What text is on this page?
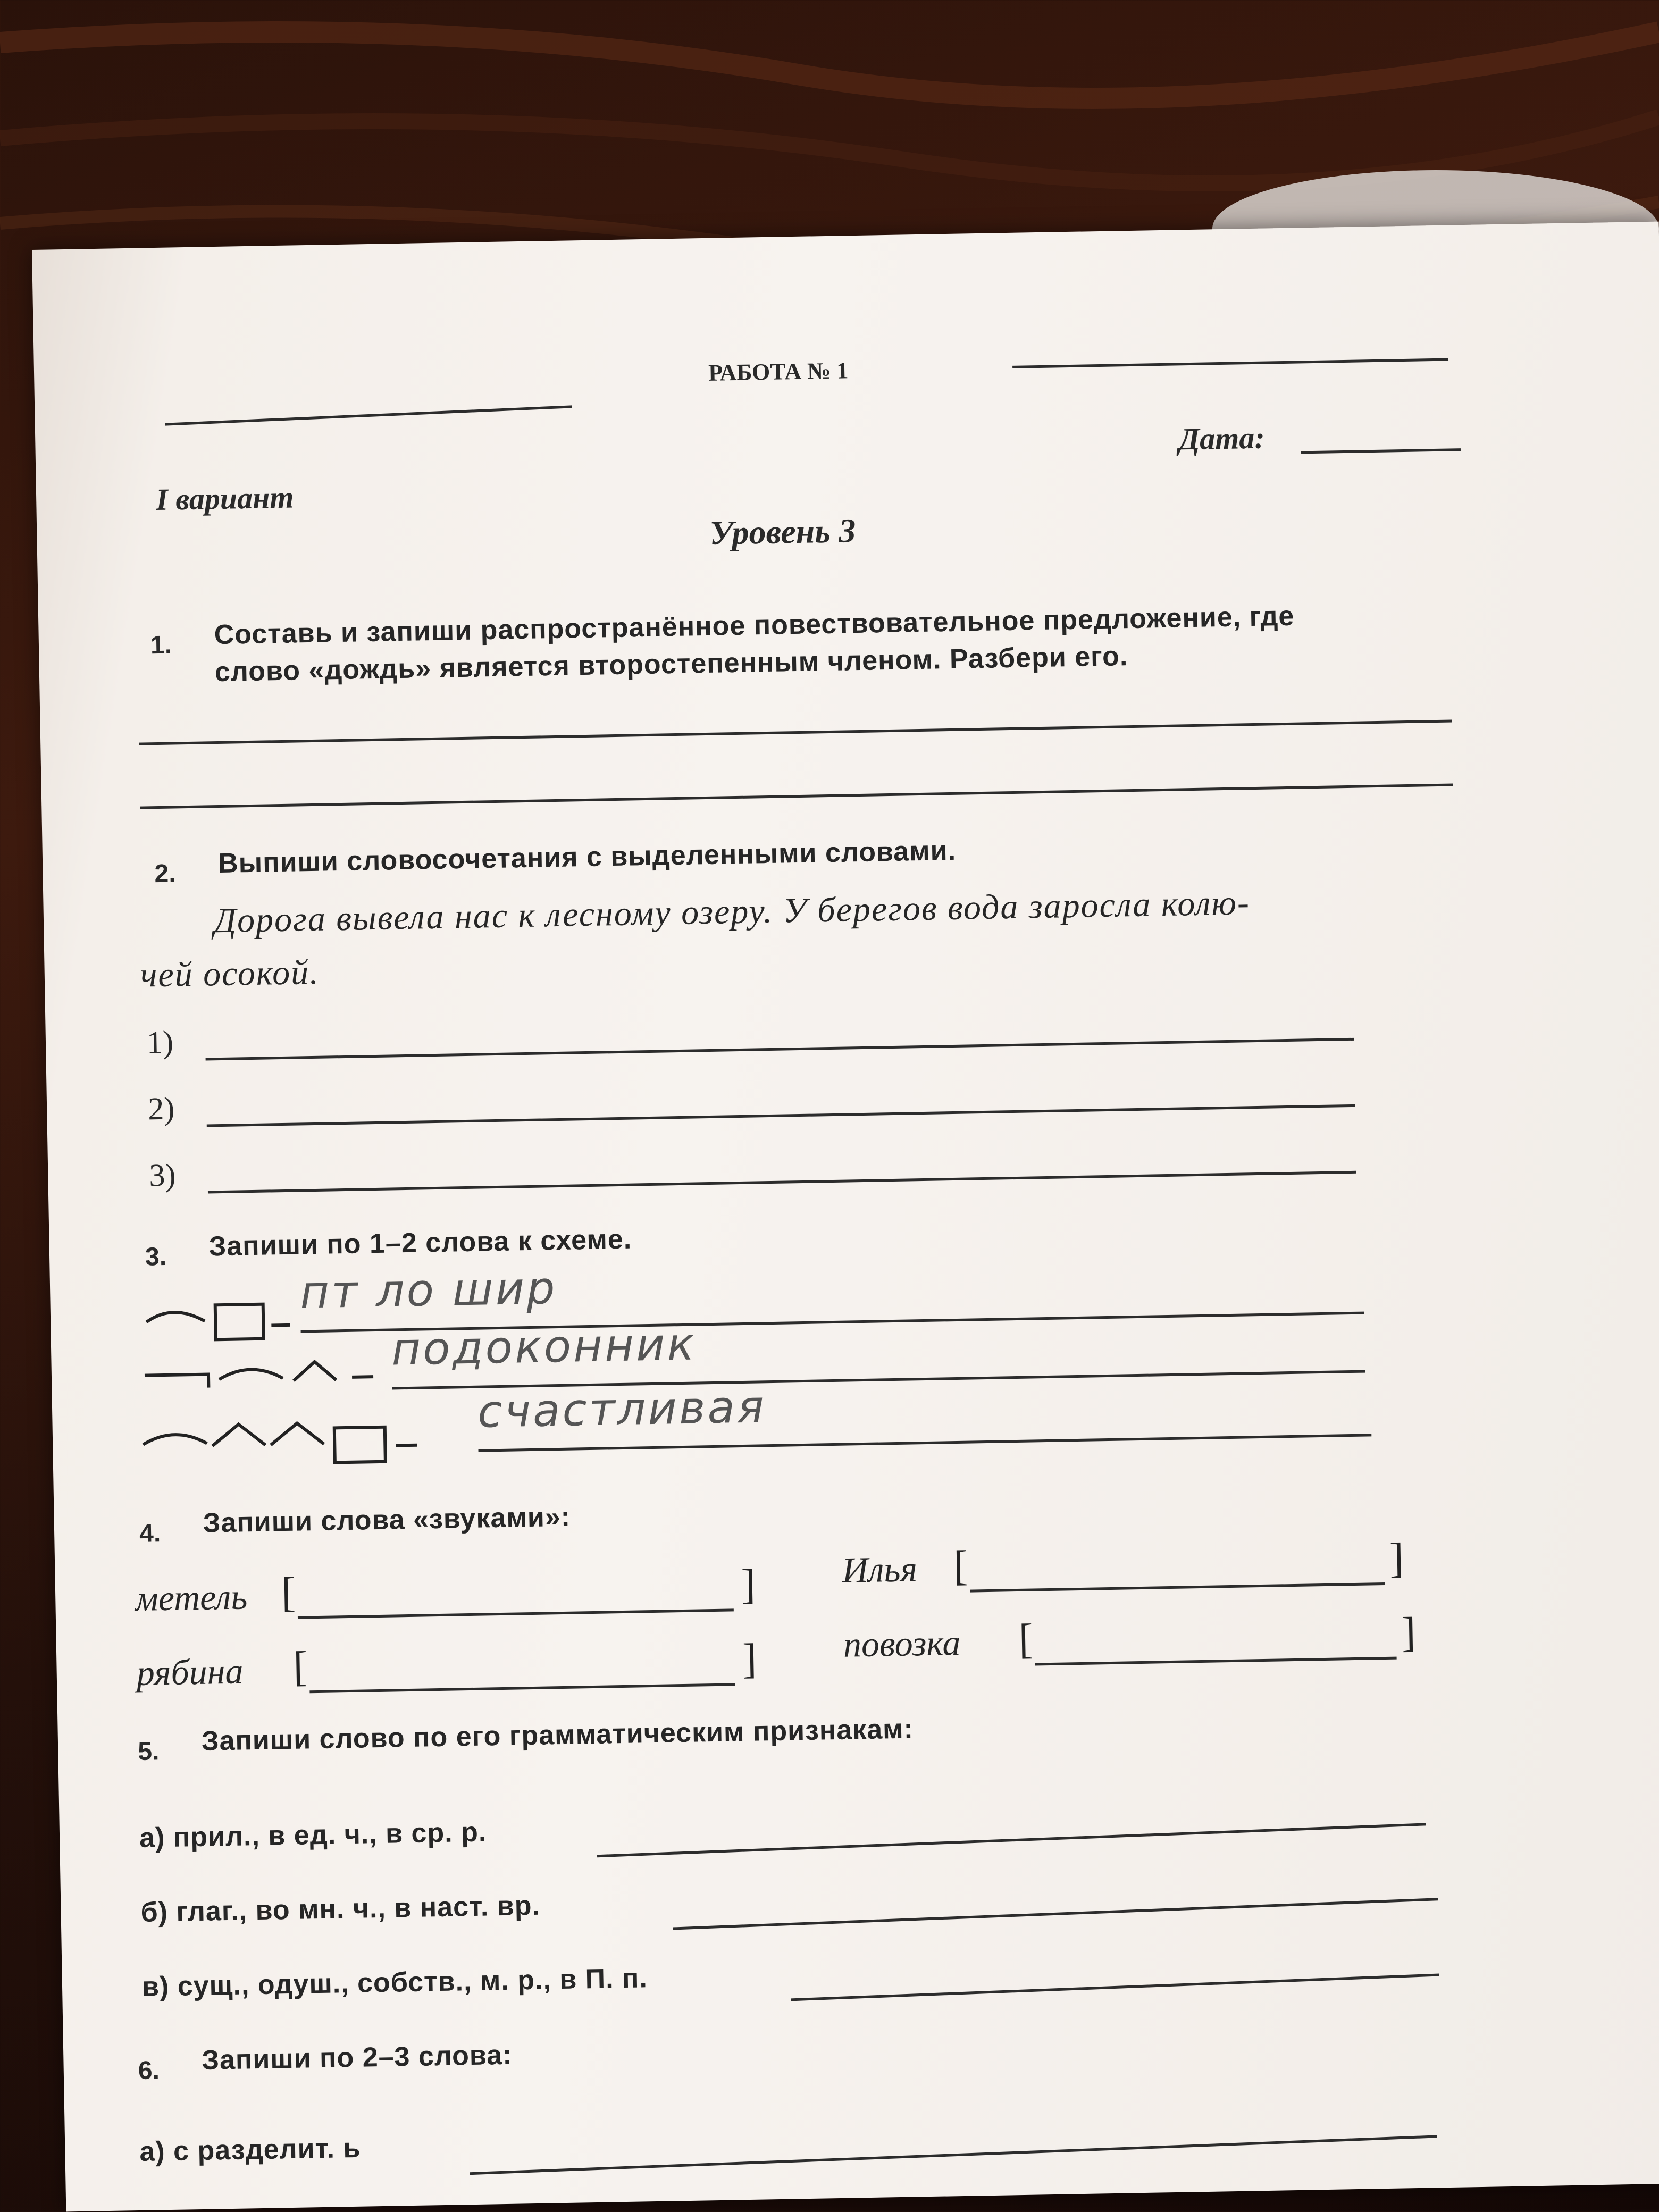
РАБОТА № 1
I вариант
Дата:
Уровень 3
1. Составь и запиши распространённое повествовательное предложение, где
слово «дождь» является второстепенным членом. Разбери его.
2. Выпиши словосочетания с выделенными словами.
Дорога вывела нас к лесному озеру. У берегов вода заросла колю-
чей осокой.
1)
2)
3)
3. Запиши по 1–2 слова к схеме.
пт ло шир
подоконник
счастливая
4. Запиши слова «звуками»:
метель [	] Илья [	]
рябина [	] повозка [	]
5. Запиши слово по его грамматическим признакам:
а) прил., в ед. ч., в ср. р.
б) глаг., во мн. ч., в наст. вр.
в) сущ., одуш., собств., м. р., в П. п.
6. Запиши по 2–3 слова:
а) с разделит. ь
